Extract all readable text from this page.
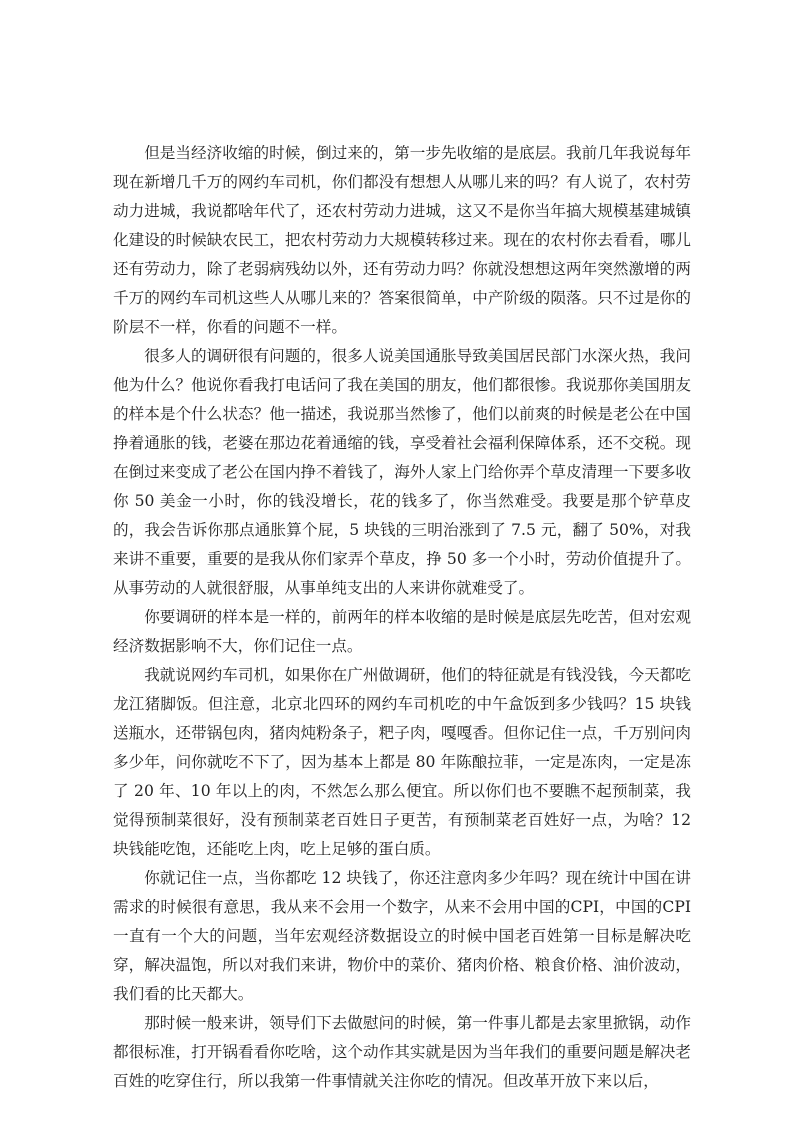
但是当经济收缩的时候，倒过来的，第一步先收缩的是底层。我前几年我说每年现在新增几千万的网约车司机，你们都没有想想人从哪儿来的吗？有人说了，农村劳动力进城，我说都啥年代了，还农村劳动力进城，这又不是你当年搞大规模基建城镇化建设的时候缺农民工，把农村劳动力大规模转移过来。现在的农村你去看看，哪儿还有劳动力，除了老弱病残幼以外，还有劳动力吗？你就没想想这两年突然激增的两千万的网约车司机这些人从哪儿来的？答案很简单，中产阶级的陨落。只不过是你的阶层不一样，你看的问题不一样。

很多人的调研很有问题的，很多人说美国通胀导致美国居民部门水深火热，我问他为什么？他说你看我打电话问了我在美国的朋友，他们都很惨。我说那你美国朋友的样本是个什么状态？他一描述，我说那当然惨了，他们以前爽的时候是老公在中国挣着通胀的钱，老婆在那边花着通缩的钱，享受着社会福利保障体系，还不交税。现在倒过来变成了老公在国内挣不着钱了，海外人家上门给你弄个草皮清理一下要多收你 50 美金一小时，你的钱没增长，花的钱多了，你当然难受。我要是那个铲草皮的，我会告诉你那点通胀算个屁，5 块钱的三明治涨到了 7.5 元，翻了 50%，对我来讲不重要，重要的是我从你们家弄个草皮，挣 50 多一个小时，劳动价值提升了。从事劳动的人就很舒服，从事单纯支出的人来讲你就难受了。

你要调研的样本是一样的，前两年的样本收缩的是时候是底层先吃苦，但对宏观经济数据影响不大，你们记住一点。

我就说网约车司机，如果你在广州做调研，他们的特征就是有钱没钱，今天都吃龙江猪脚饭。但注意，北京北四环的网约车司机吃的中午盒饭到多少钱吗？15 块钱送瓶水，还带锅包肉，猪肉炖粉条子，粑子肉，嘎嘎香。但你记住一点，千万别问肉多少年，问你就吃不下了，因为基本上都是 80 年陈酿拉菲，一定是冻肉，一定是冻了 20 年、10 年以上的肉，不然怎么那么便宜。所以你们也不要瞧不起预制菜，我觉得预制菜很好，没有预制菜老百姓日子更苦，有预制菜老百姓好一点，为啥？12 块钱能吃饱，还能吃上肉，吃上足够的蛋白质。

你就记住一点，当你都吃 12 块钱了，你还注意肉多少年吗？现在统计中国在讲需求的时候很有意思，我从来不会用一个数字，从来不会用中国的CPI，中国的CPI一直有一个大的问题，当年宏观经济数据设立的时候中国老百姓第一目标是解决吃穿，解决温饱，所以对我们来讲，物价中的菜价、猪肉价格、粮食价格、油价波动，我们看的比天都大。

那时候一般来讲，领导们下去做慰问的时候，第一件事儿都是去家里掀锅，动作都很标准，打开锅看看你吃啥，这个动作其实就是因为当年我们的重要问题是解决老百姓的吃穿住行，所以我第一件事情就关注你吃的情况。但改革开放下来以后，
